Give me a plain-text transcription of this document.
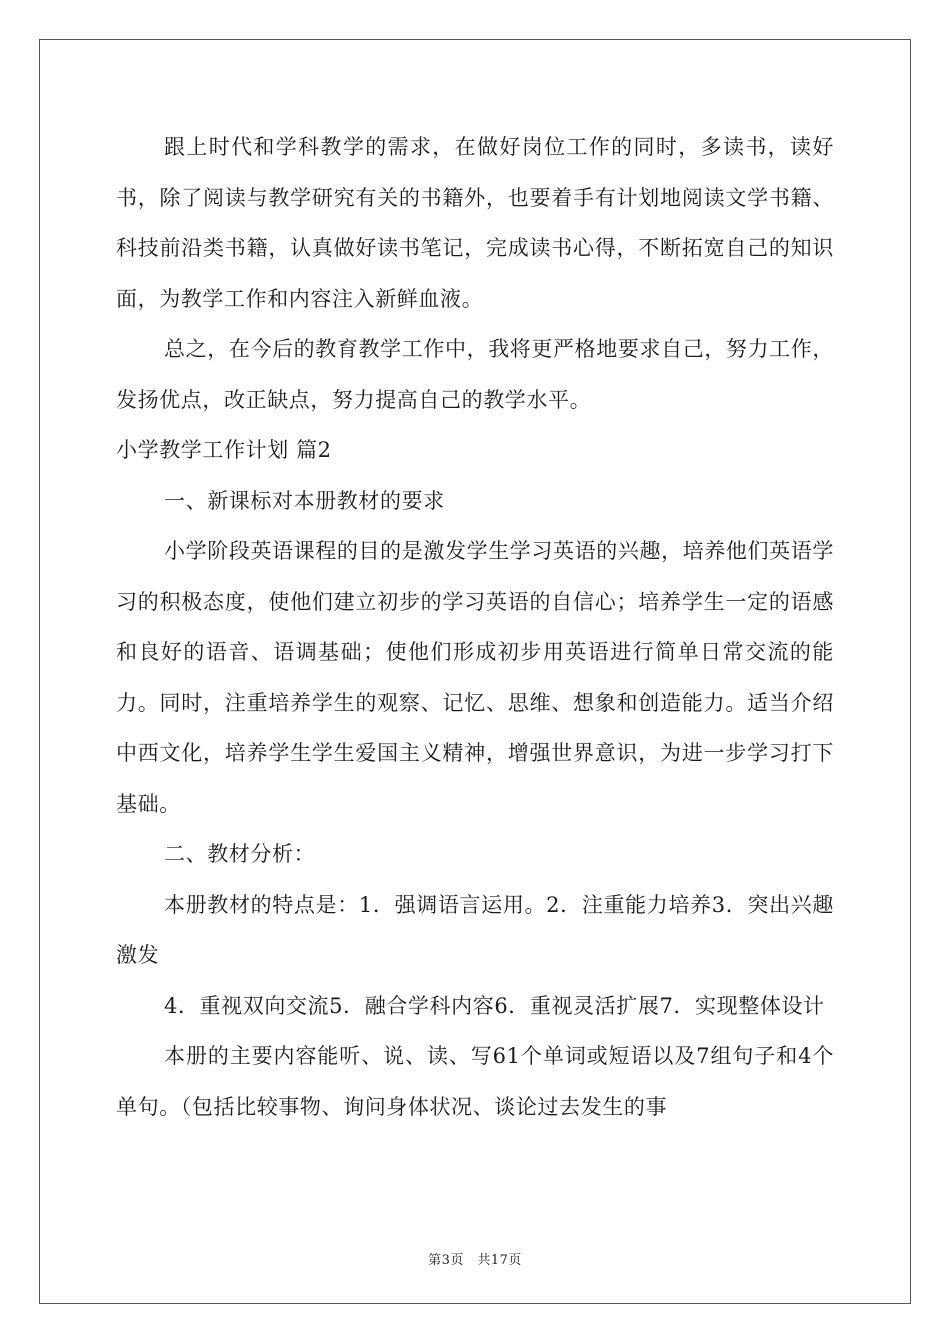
跟上时代和学科教学的需求，在做好岗位工作的同时，多读书，读好书，除了阅读与教学研究有关的书籍外，也要着手有计划地阅读文学书籍、科技前沿类书籍，认真做好读书笔记，完成读书心得，不断拓宽自己的知识面，为教学工作和内容注入新鲜血液。

总之，在今后的教育教学工作中，我将更严格地要求自己，努力工作，发扬优点，改正缺点，努力提高自己的教学水平。

小学教学工作计划 篇2

一、新课标对本册教材的要求

小学阶段英语课程的目的是激发学生学习英语的兴趣，培养他们英语学习的积极态度，使他们建立初步的学习英语的自信心；培养学生一定的语感和良好的语音、语调基础；使他们形成初步用英语进行简单日常交流的能力。同时，注重培养学生的观察、记忆、思维、想象和创造能力。适当介绍中西文化，培养学生学生爱国主义精神，增强世界意识，为进一步学习打下基础。

二、教材分析：

本册教材的特点是：1．强调语言运用。2．注重能力培养3．突出兴趣激发

4．重视双向交流5．融合学科内容6．重视灵活扩展7．实现整体设计

本册的主要内容能听、说、读、写61个单词或短语以及7组句子和4个单句。（包括比较事物、询问身体状况、谈论过去发生的事

第3页　共17页
